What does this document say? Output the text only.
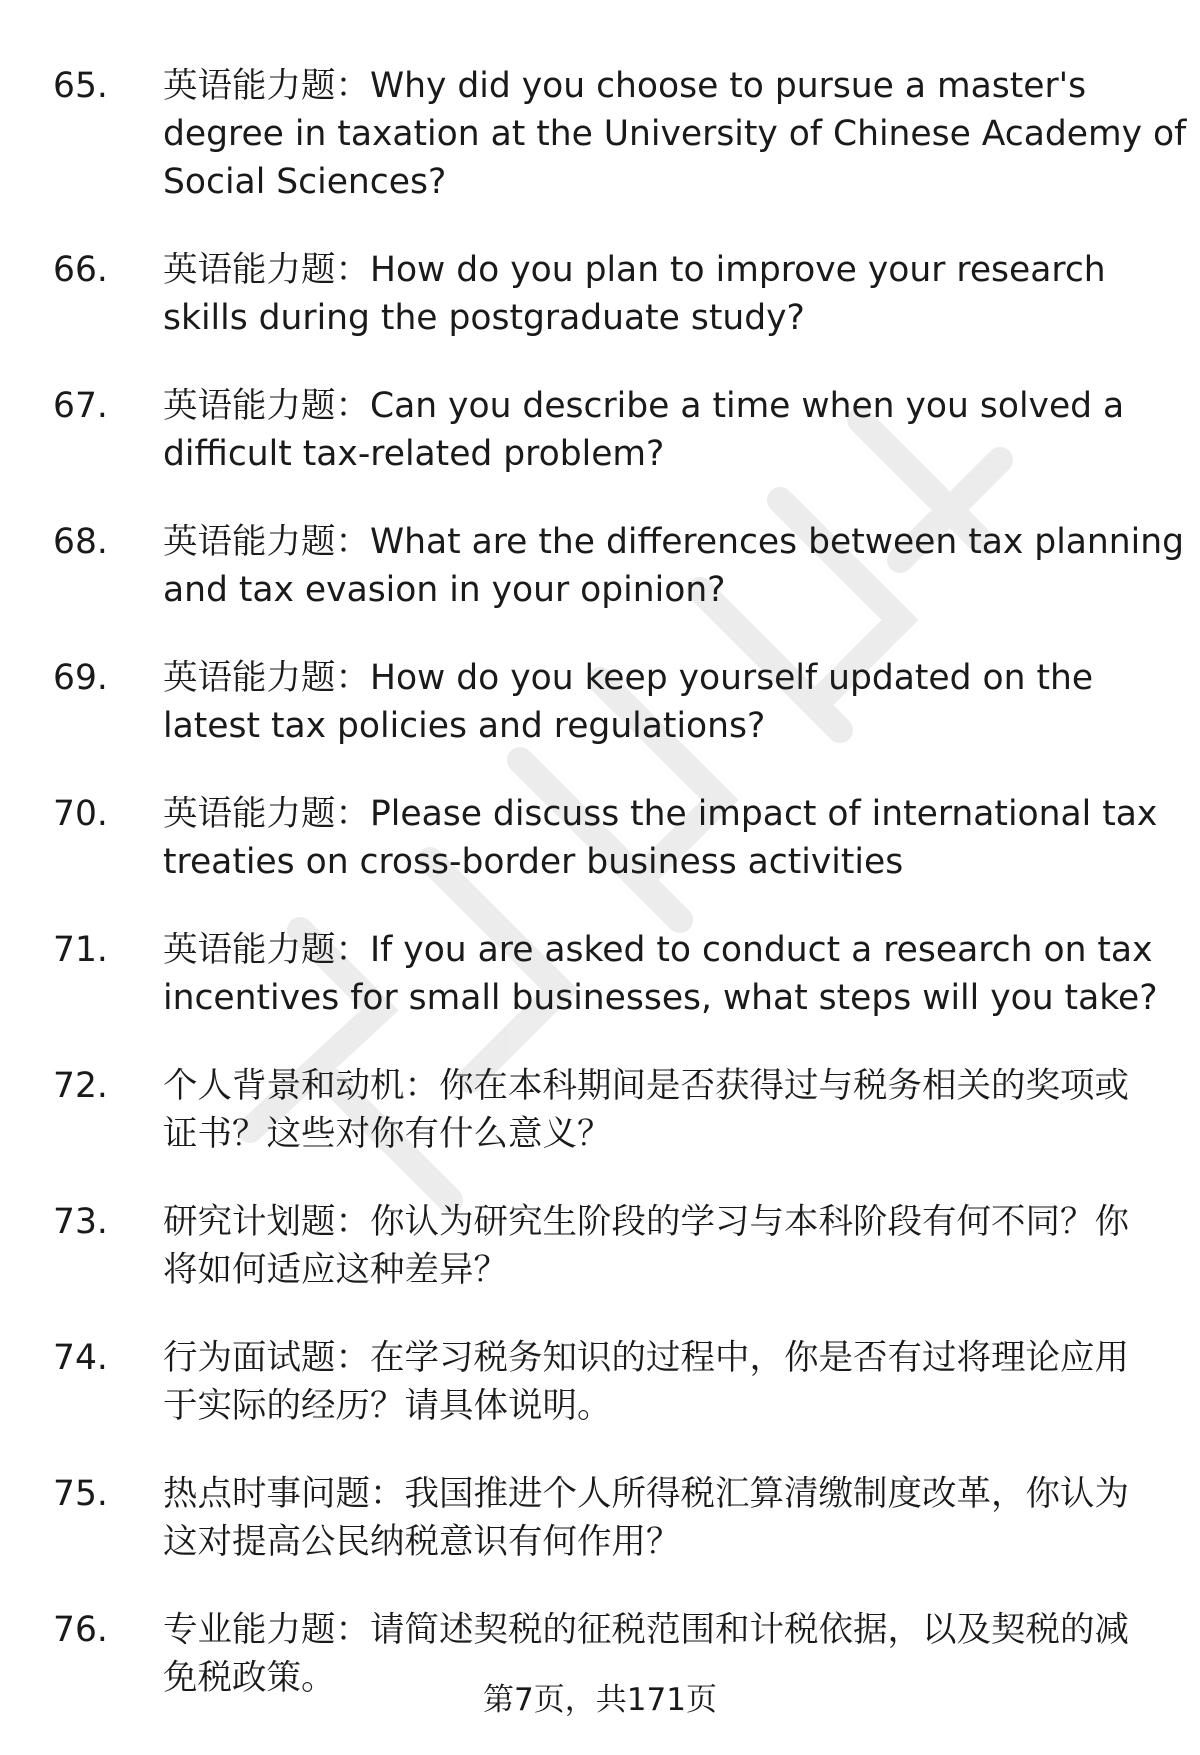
65.	英语能力题：Why did you choose to pursue a master's
degree in taxation at the University of Chinese Academy of
Social Sciences?
66.	英语能力题：How do you plan to improve your research
skills during the postgraduate study?
67.	英语能力题：Can you describe a time when you solved a
difficult tax-related problem?
68.	英语能力题：What are the differences between tax planning
and tax evasion in your opinion?
69.	英语能力题：How do you keep yourself updated on the
latest tax policies and regulations?
70.	英语能力题：Please discuss the impact of international tax
treaties on cross-border business activities
71.	英语能力题：If you are asked to conduct a research on tax
incentives for small businesses, what steps will you take?
72.	个人背景和动机：你在本科期间是否获得过与税务相关的奖项或
证书？这些对你有什么意义？
73.	研究计划题：你认为研究生阶段的学习与本科阶段有何不同？你
将如何适应这种差异？
74.	行为面试题：在学习税务知识的过程中，你是否有过将理论应用
于实际的经历？请具体说明。
75.	热点时事问题：我国推进个人所得税汇算清缴制度改革，你认为
这对提高公民纳税意识有何作用？
76.	专业能力题：请简述契税的征税范围和计税依据，以及契税的减
免税政策。
第7页，共171页
